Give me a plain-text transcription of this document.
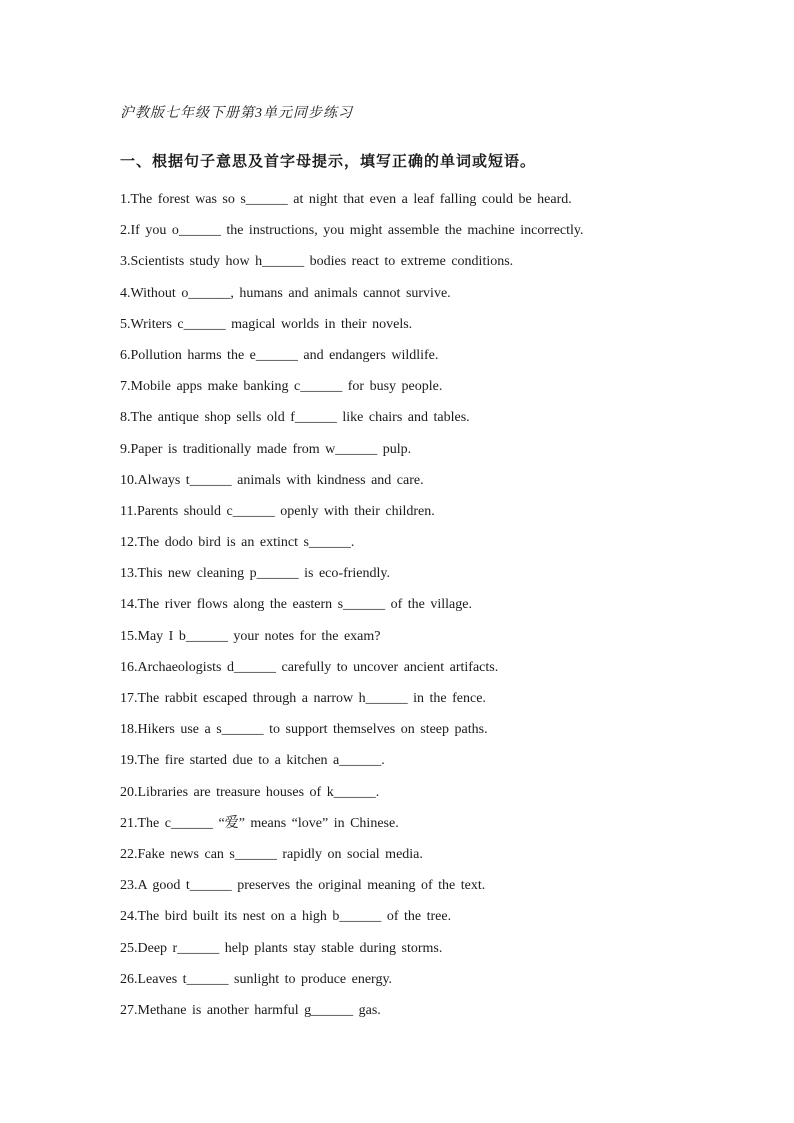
沪教版七年级下册第3单元同步练习
一、根据句子意思及首字母提示，填写正确的单词或短语。
1.The forest was so s______ at night that even a leaf falling could be heard.
2.If you o______ the instructions, you might assemble the machine incorrectly.
3.Scientists study how h______ bodies react to extreme conditions.
4.Without o______, humans and animals cannot survive.
5.Writers c______ magical worlds in their novels.
6.Pollution harms the e______ and endangers wildlife.
7.Mobile apps make banking c______ for busy people.
8.The antique shop sells old f______ like chairs and tables.
9.Paper is traditionally made from w______ pulp.
10.Always t______ animals with kindness and care.
11.Parents should c______ openly with their children.
12.The dodo bird is an extinct s______.
13.This new cleaning p______ is eco-friendly.
14.The river flows along the eastern s______ of the village.
15.May I b______ your notes for the exam?
16.Archaeologists d______ carefully to uncover ancient artifacts.
17.The rabbit escaped through a narrow h______ in the fence.
18.Hikers use a s______ to support themselves on steep paths.
19.The fire started due to a kitchen a______.
20.Libraries are treasure houses of k______.
21.The c______ “爱” means “love” in Chinese.
22.Fake news can s______ rapidly on social media.
23.A good t______ preserves the original meaning of the text.
24.The bird built its nest on a high b______ of the tree.
25.Deep r______ help plants stay stable during storms.
26.Leaves t______ sunlight to produce energy.
27.Methane is another harmful g______ gas.
